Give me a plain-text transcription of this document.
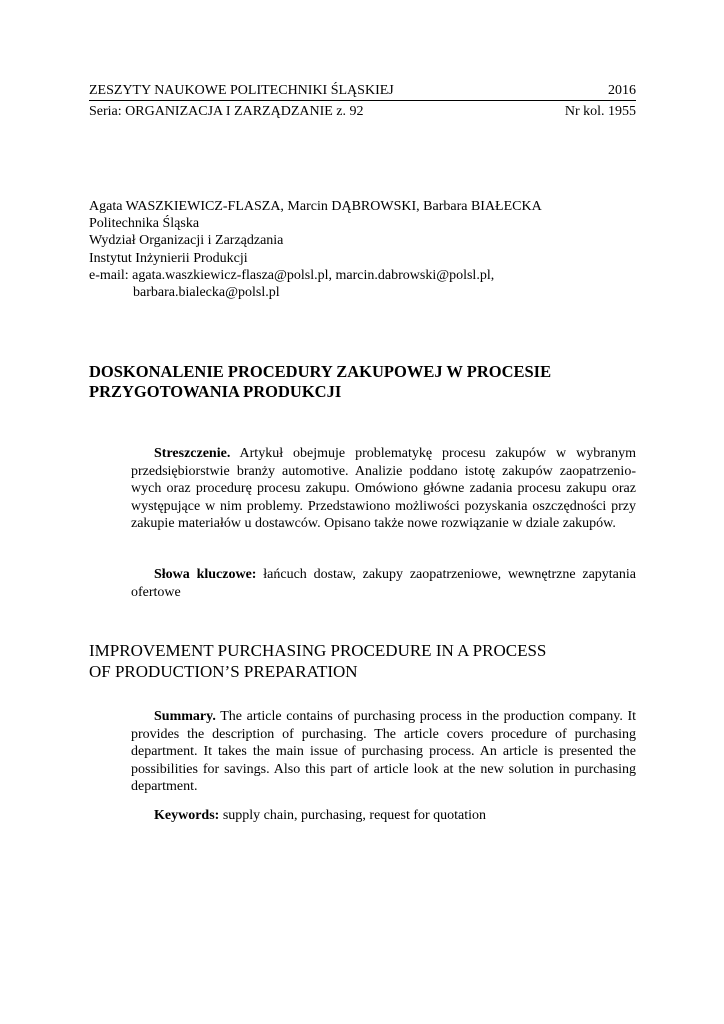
ZESZYTY NAUKOWE POLITECHNIKI ŚLĄSKIEJ	2016
Seria: ORGANIZACJA I ZARZĄDZANIE z. 92	Nr kol. 1955
Agata WASZKIEWICZ-FLASZA, Marcin DĄBROWSKI, Barbara BIAŁECKA
Politechnika Śląska
Wydział Organizacji i Zarządzania
Instytut Inżynierii Produkcji
e-mail: agata.waszkiewicz-flasza@polsl.pl, marcin.dabrowski@polsl.pl,
barbara.bialecka@polsl.pl
DOSKONALENIE PROCEDURY ZAKUPOWEJ W PROCESIE
PRZYGOTOWANIA PRODUKCJI

Streszczenie. Artykuł obejmuje problematykę procesu zakupów w wybranym przedsiębiorstwie branży automotive. Analizie poddano istotę zakupów zaopatrzeniowych oraz procedurę procesu zakupu. Omówiono główne zadania procesu zakupu oraz występujące w nim problemy. Przedstawiono możliwości pozyskania oszczędności przy zakupie materiałów u dostawców. Opisano także nowe rozwiązanie w dziale zakupów.

Słowa kluczowe: łańcuch dostaw, zakupy zaopatrzeniowe, wewnętrzne zapytania ofertowe

IMPROVEMENT PURCHASING PROCEDURE IN A PROCESS
OF PRODUCTION’S PREPARATION

Summary. The article contains of purchasing process in the production company. It provides the description of purchasing. The article covers procedure of purchasing department. It takes the main issue of purchasing process. An article is presented the possibilities for savings. Also this part of article look at the new solution in purchasing department.

Keywords: supply chain, purchasing, request for quotation
